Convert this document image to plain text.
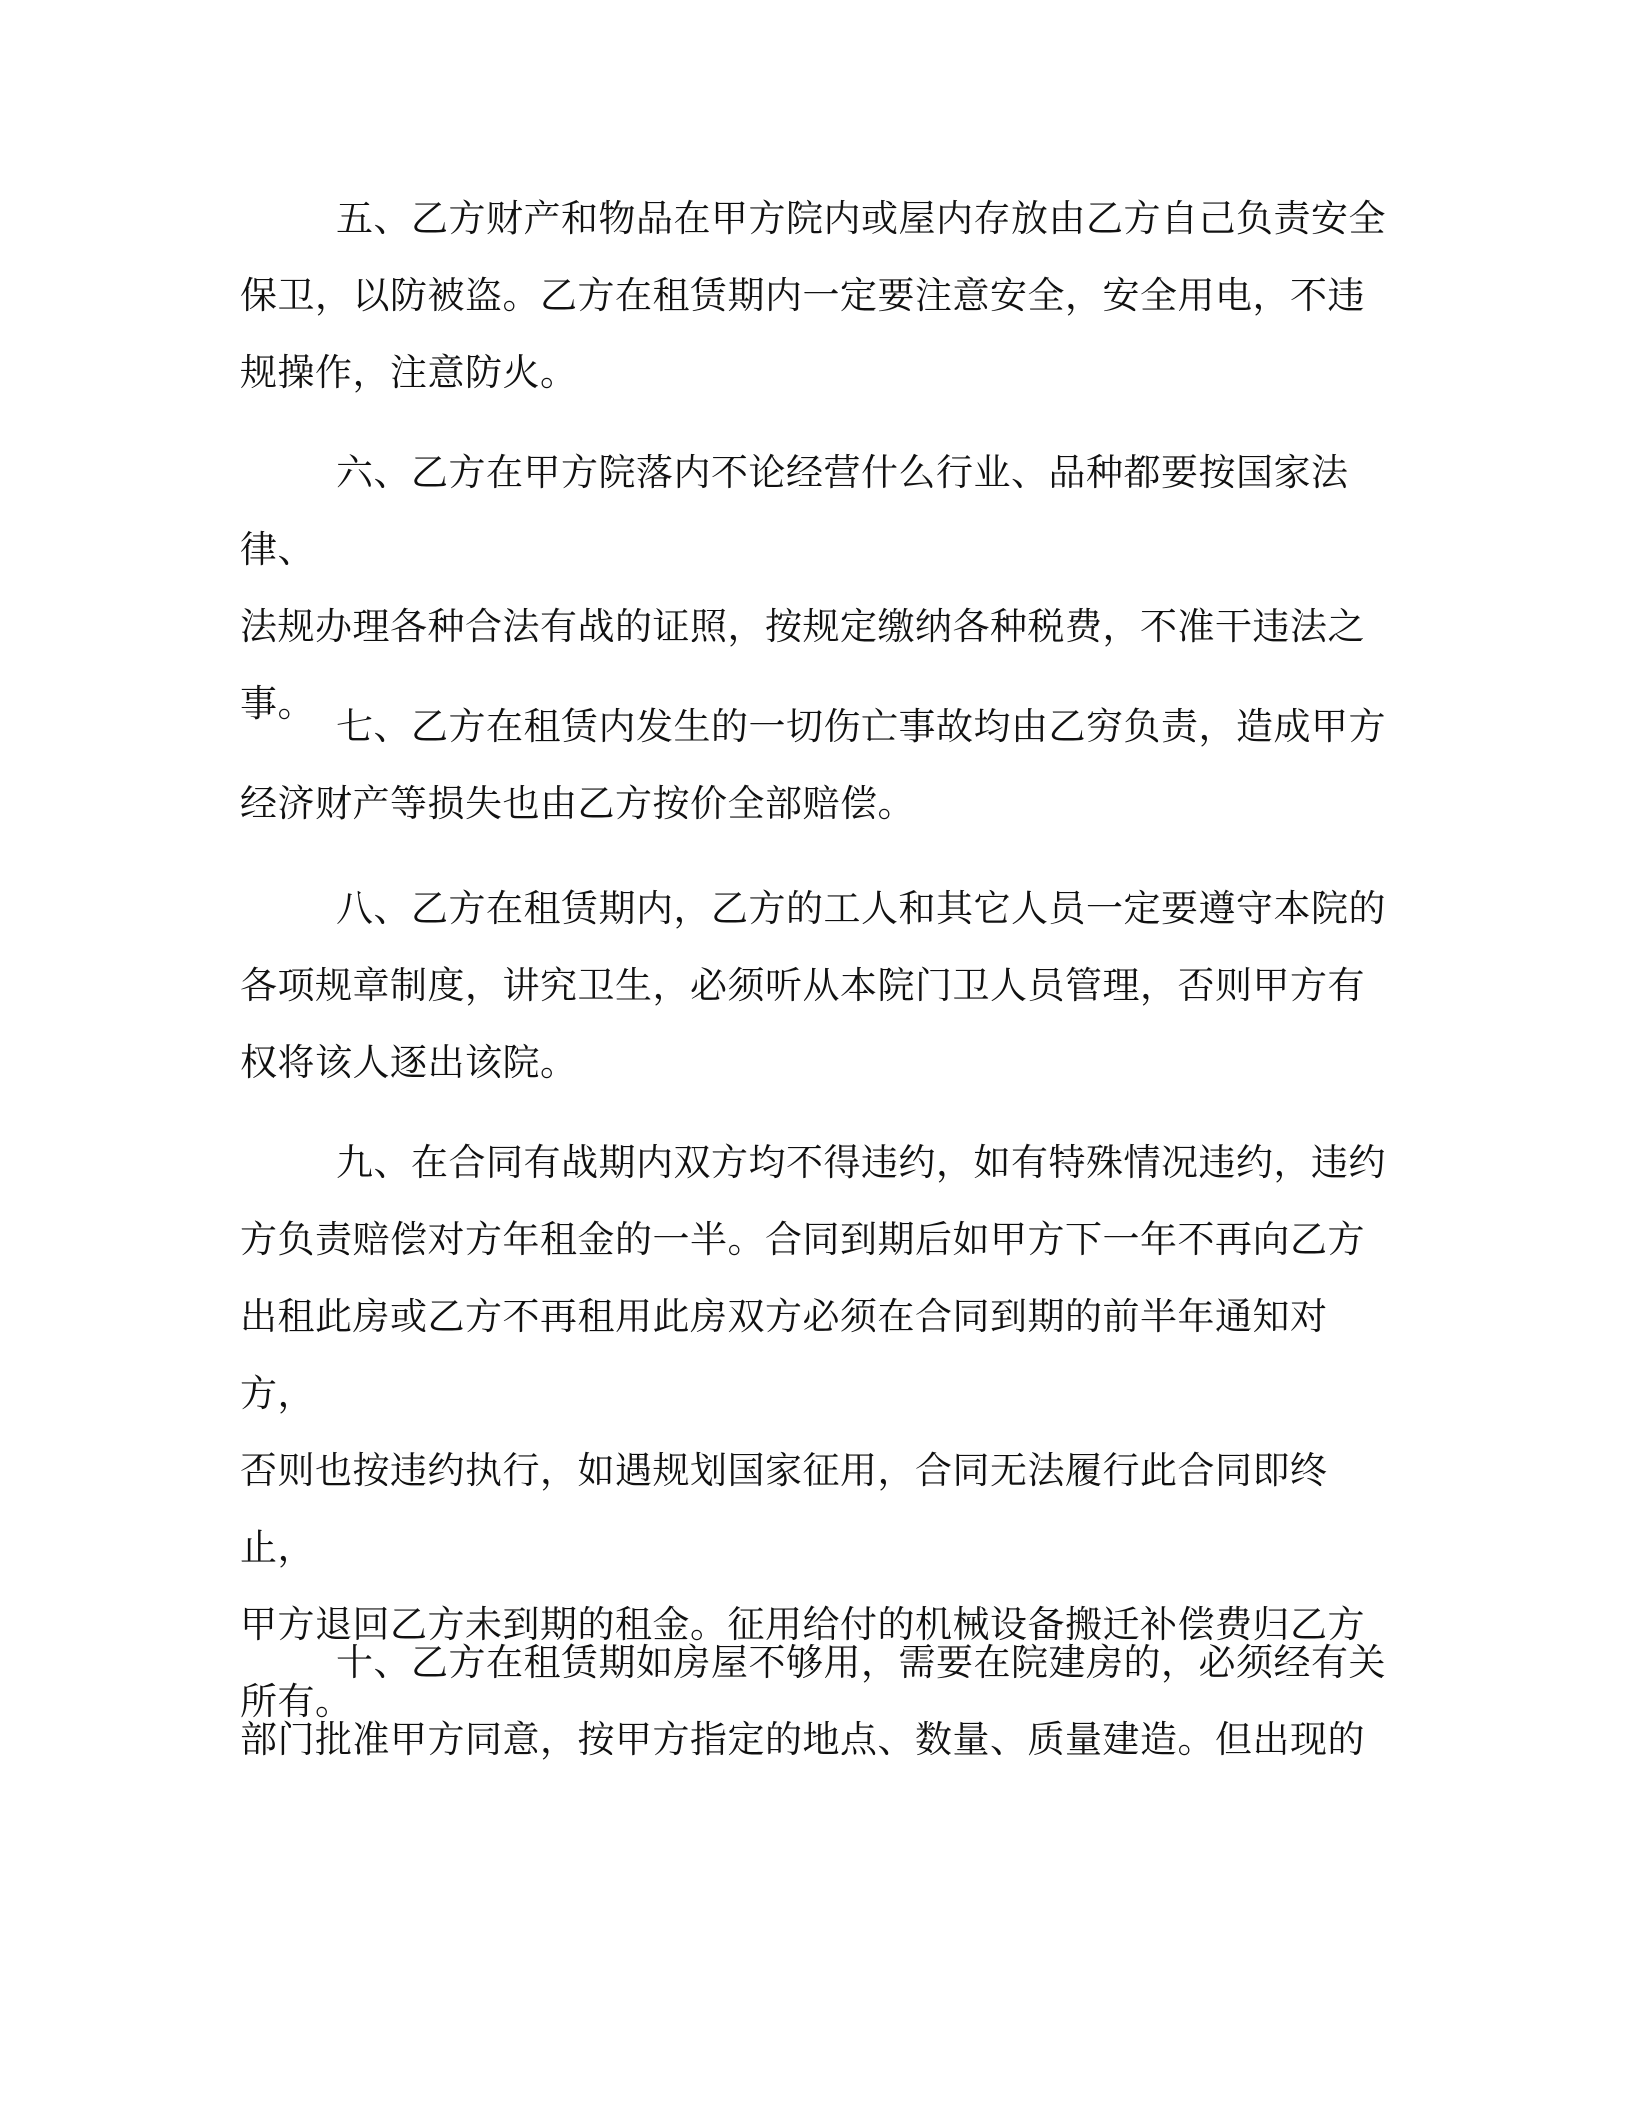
五、乙方财产和物品在甲方院内或屋内存放由乙方自己负责安全
保卫，以防被盗。乙方在租赁期内一定要注意安全，安全用电，不违
规操作，注意防火。

六、乙方在甲方院落内不论经营什么行业、品种都要按国家法律、
法规办理各种合法有战的证照，按规定缴纳各种税费，不准干违法之
事。

七、乙方在租赁内发生的一切伤亡事故均由乙穷负责，造成甲方
经济财产等损失也由乙方按价全部赔偿。

八、乙方在租赁期内，乙方的工人和其它人员一定要遵守本院的
各项规章制度，讲究卫生，必须听从本院门卫人员管理，否则甲方有
权将该人逐出该院。

九、在合同有战期内双方均不得违约，如有特殊情况违约，违约
方负责赔偿对方年租金的一半。合同到期后如甲方下一年不再向乙方
出租此房或乙方不再租用此房双方必须在合同到期的前半年通知对方，
否则也按违约执行，如遇规划国家征用，合同无法履行此合同即终止，
甲方退回乙方未到期的租金。征用给付的机械设备搬迁补偿费归乙方
所有。

十、乙方在租赁期如房屋不够用，需要在院建房的，必须经有关
部门批准甲方同意，按甲方指定的地点、数量、质量建造。但出现的
